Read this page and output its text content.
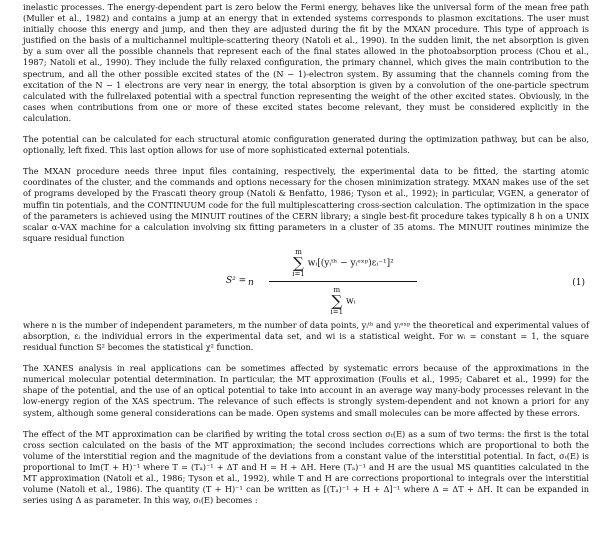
inelastic processes. The energy-dependent part is zero below the Fermi energy, behaves like the universal form of the mean free path (Muller et al., 1982) and contains a jump at an energy that in extended systems corresponds to plasmon excitations. The user must initially choose this energy and jump, and then they are adjusted during the fit by the MXAN procedure. This type of approach is justified on the basis of a multichannel multiple-scattering theory (Natoli et al., 1990). In the sudden limit, the net absorption is given by a sum over all the possible channels that represent each of the final states allowed in the photoabsorption process (Chou et al., 1987; Natoli et al., 1990). They include the fully relaxed configuration, the primary channel, which gives the main contribution to the spectrum, and all the other possible excited states of the (N − 1)-electron system. By assuming that the channels coming from the excitation of the N − 1 electrons are very near in energy, the total absorption is given by a convolution of the one-particle spectrum calculated with the fullrelaxed potential with a spectral function representing the weight of the other excited states. Obviously, in the cases when contributions from one or more of these excited states become relevant, they must be considered explicitly in the calculation.

The potential can be calculated for each structural atomic configuration generated during the optimization pathway, but can be also, optionally, left fixed. This last option allows for use of more sophisticated external potentials.

The MXAN procedure needs three input files containing, respectively, the experimental data to be fitted, the starting atomic coordinates of the cluster, and the commands and options necessary for the chosen minimization strategy. MXAN makes use of the set of programs developed by the Frascati theory group (Natoli & Benfatto, 1986; Tyson et al., 1992); in particular, VGEN, a generator of muffin tin potentials, and the CONTINUUM code for the full multiplescattering cross-section calculation. The optimization in the space of the parameters is achieved using the MINUIT routines of the CERN library; a single best-fit procedure takes typically 8 h on a UNIX scalar α-VAX machine for a calculation involving six fitting parameters in a cluster of 35 atoms. The MINUIT routines minimize the square residual function

S² = n
m
∑
i=1 wᵢ[(yᵢᵗʰ − yᵢᵉˣᵖ)εᵢ⁻¹]²
m
∑
i=1 wᵢ
(1)

where n is the number of independent parameters, m the number of data points, yᵢᵗʰ and yᵢᵉˣᵖ the theoretical and experimental values of absorption, εᵢ the individual errors in the experimental data set, and wi is a statistical weight. For wᵢ = constant = 1, the square residual function S² becomes the statistical χ² function.

The XANES analysis in real applications can be sometimes affected by systematic errors because of the approximations in the numerical molecular potential determination. In particular, the MT approximation (Foulis et al., 1995; Cabaret et al., 1999) for the shape of the potential, and the use of an optical potential to take into account in an average way many-body processes relevant in the low-energy region of the XAS spectrum. The relevance of such effects is strongly system-dependent and not known a priori for any system, although some general considerations can be made. Open systems and small molecules can be more affected by these errors.

The effect of the MT approximation can be clarified by writing the total cross section σₜ(E) as a sum of two terms: the first is the total cross section calculated on the basis of the MT approximation; the second includes corrections which are proportional to both the volume of the interstitial region and the magnitude of the deviations from a constant value of the interstitial potential. In fact, σₜ(E) is proportional to Im(T + H)⁻¹ where T = (Tₐ)⁻¹ + ΔT and H = H + ΔH. Here (Tₐ)⁻¹ and H are the usual MS quantities calculated in the MT approximation (Natoli et al., 1986; Tyson et al., 1992), while T and H are corrections proportional to integrals over the interstitial volume (Natoli et al., 1986). The quantity (T + H)⁻¹ can be written as [(Tₐ)⁻¹ + H + Δ]⁻¹ where Δ = ΔT + ΔH. It can be expanded in series using Δ as parameter. In this way, σₜ(E) becomes :
